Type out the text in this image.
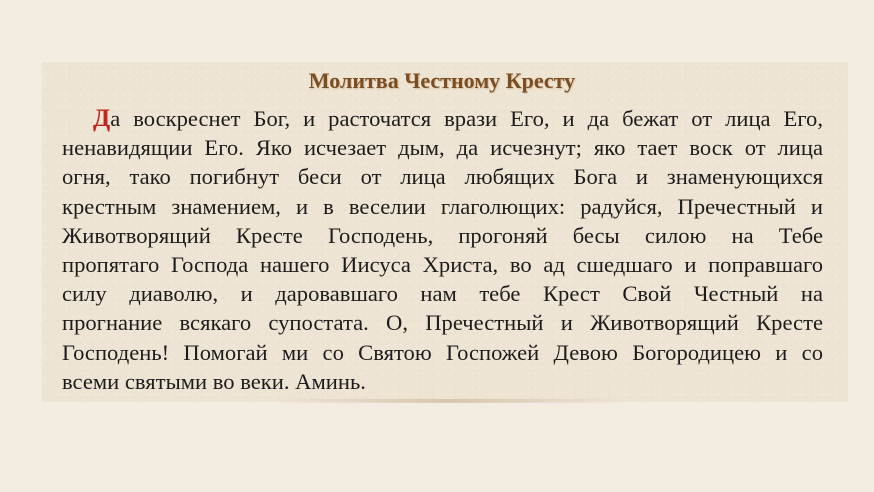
Молитва Честному Кресту
Да воскреснет Бог, и расточатся врази Его, и да бежат от лица Его,
ненавидящии Его. Яко исчезает дым, да исчезнут; яко тает воск от лица
огня, тако погибнут беси от лица любящих Бога и знаменующихся
крестным знамением, и в веселии глаголющих: радуйся, Пречестный и
Животворящий Кресте Господень, прогоняй бесы силою на Тебе
пропятаго Господа нашего Иисуса Христа, во ад сшедшаго и поправшаго
силу диаволю, и даровавшаго нам тебе Крест Свой Честный на
прогнание всякаго супостата. О, Пречестный и Животворящий Кресте
Господень! Помогай ми со Святою Госпожей Девою Богородицею и со
всеми святыми во веки. Аминь.
